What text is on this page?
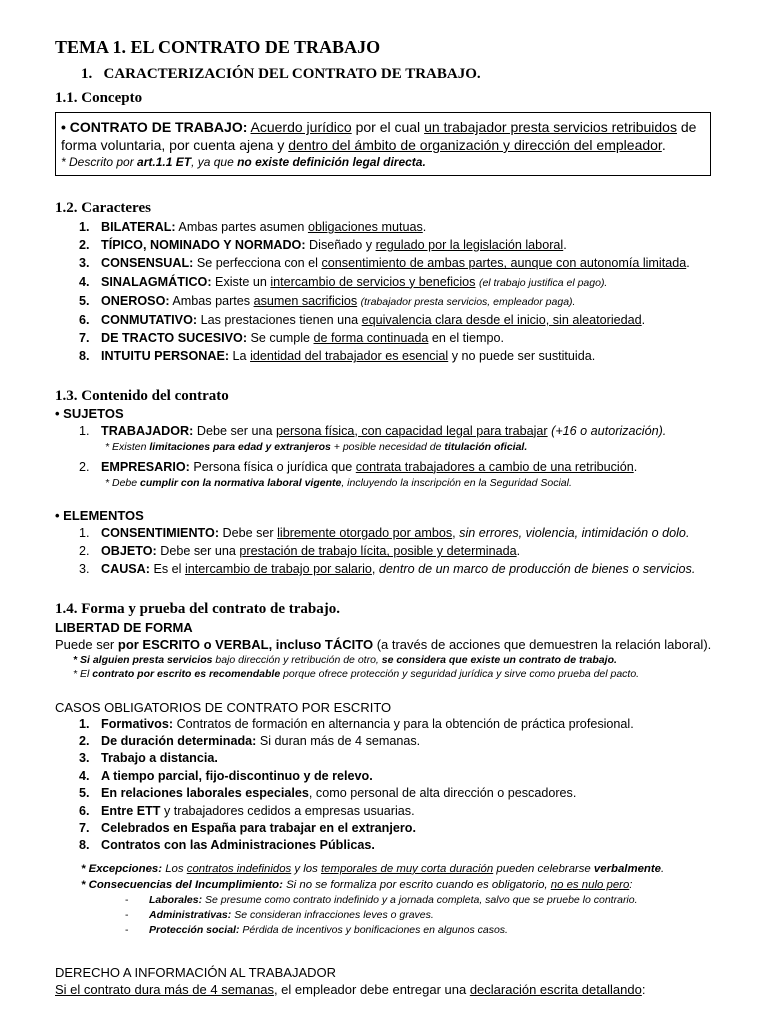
TEMA 1. EL CONTRATO DE TRABAJO
1.   CARACTERIZACIÓN DEL CONTRATO DE TRABAJO.
1.1. Concepto
• CONTRATO DE TRABAJO: Acuerdo jurídico por el cual un trabajador presta servicios retribuidos de forma voluntaria, por cuenta ajena y dentro del ámbito de organización y dirección del empleador.
* Descrito por art.1.1 ET, ya que no existe definición legal directa.
1.2. Caracteres
1. BILATERAL: Ambas partes asumen obligaciones mutuas.
2. TÍPICO, NOMINADO Y NORMADO: Diseñado y regulado por la legislación laboral.
3. CONSENSUAL: Se perfecciona con el consentimiento de ambas partes, aunque con autonomía limitada.
4. SINALAGMÁTICO: Existe un intercambio de servicios y beneficios (el trabajo justifica el pago).
5. ONEROSO: Ambas partes asumen sacrificios (trabajador presta servicios, empleador paga).
6. CONMUTATIVO: Las prestaciones tienen una equivalencia clara desde el inicio, sin aleatoriedad.
7. DE TRACTO SUCESIVO: Se cumple de forma continuada en el tiempo.
8. INTUITU PERSONAE: La identidad del trabajador es esencial y no puede ser sustituida.
1.3. Contenido del contrato
• SUJETOS
1. TRABAJADOR: Debe ser una persona física, con capacidad legal para trabajar (+16 o autorización).
* Existen limitaciones para edad y extranjeros + posible necesidad de titulación oficial.
2. EMPRESARIO: Persona física o jurídica que contrata trabajadores a cambio de una retribución.
* Debe cumplir con la normativa laboral vigente, incluyendo la inscripción en la Seguridad Social.
• ELEMENTOS
1. CONSENTIMIENTO: Debe ser libremente otorgado por ambos, sin errores, violencia, intimidación o dolo.
2. OBJETO: Debe ser una prestación de trabajo lícita, posible y determinada.
3. CAUSA: Es el intercambio de trabajo por salario, dentro de un marco de producción de bienes o servicios.
1.4. Forma y prueba del contrato de trabajo.
LIBERTAD DE FORMA
Puede ser por ESCRITO o VERBAL, incluso TÁCITO (a través de acciones que demuestren la relación laboral).
* Si alguien presta servicios bajo dirección y retribución de otro, se considera que existe un contrato de trabajo.
* El contrato por escrito es recomendable porque ofrece protección y seguridad jurídica y sirve como prueba del pacto.
CASOS OBLIGATORIOS DE CONTRATO POR ESCRITO
1. Formativos: Contratos de formación en alternancia y para la obtención de práctica profesional.
2. De duración determinada: Si duran más de 4 semanas.
3. Trabajo a distancia.
4. A tiempo parcial, fijo-discontinuo y de relevo.
5. En relaciones laborales especiales, como personal de alta dirección o pescadores.
6. Entre ETT y trabajadores cedidos a empresas usuarias.
7. Celebrados en España para trabajar en el extranjero.
8. Contratos con las Administraciones Públicas.
* Excepciones: Los contratos indefinidos y los temporales de muy corta duración pueden celebrarse verbalmente.
* Consecuencias del Incumplimiento: Si no se formaliza por escrito cuando es obligatorio, no es nulo pero:
- Laborales: Se presume como contrato indefinido y a jornada completa, salvo que se pruebe lo contrario.
- Administrativas: Se consideran infracciones leves o graves.
- Protección social: Pérdida de incentivos y bonificaciones en algunos casos.
DERECHO A INFORMACIÓN AL TRABAJADOR
Si el contrato dura más de 4 semanas, el empleador debe entregar una declaración escrita detallando:
